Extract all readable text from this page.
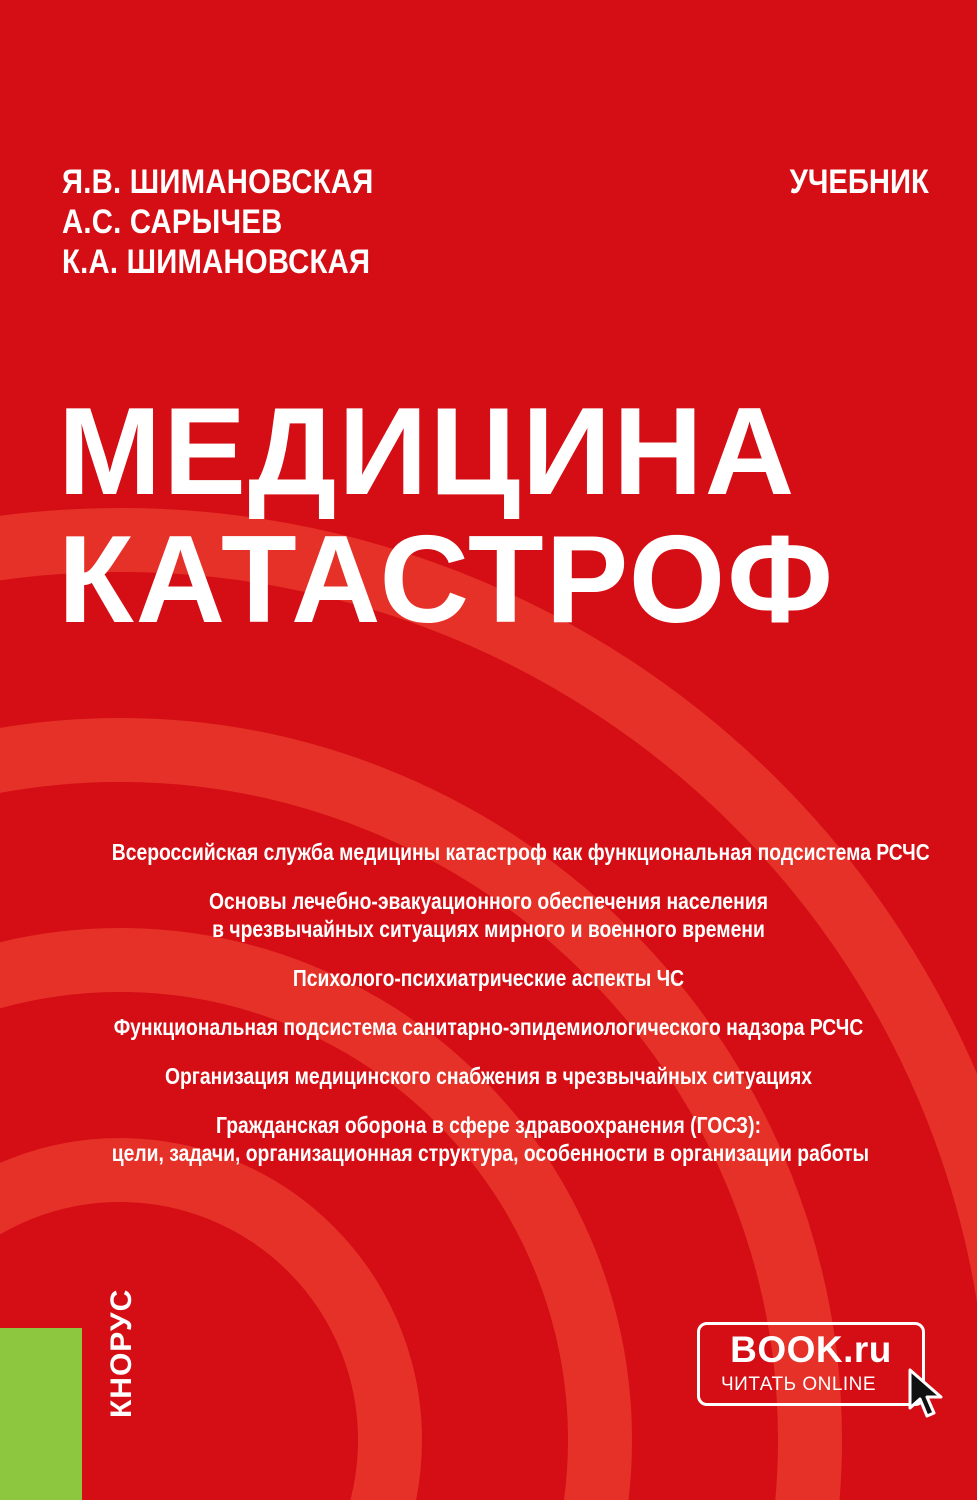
Я.В. ШИМАНОВСКАЯ
А.С. САРЫЧЕВ
К.А. ШИМАНОВСКАЯ
УЧЕБНИК
МЕДИЦИНА
КАТАСТРОФ
Всероссийская служба медицины катастроф как функциональная подсистема РСЧС
Основы лечебно-эвакуационного обеспечения населения
в чрезвычайных ситуациях мирного и военного времени
Психолого-психиатрические аспекты ЧС
Функциональная подсистема санитарно-эпидемиологического надзора РСЧС
Организация медицинского снабжения в чрезвычайных ситуациях
Гражданская оборона в сфере здравоохранения (ГОСЗ):
цели, задачи, организационная структура, особенности в организации работы
КНОРУС	BOOK.ru
ЧИТАТЬ ONLINE
